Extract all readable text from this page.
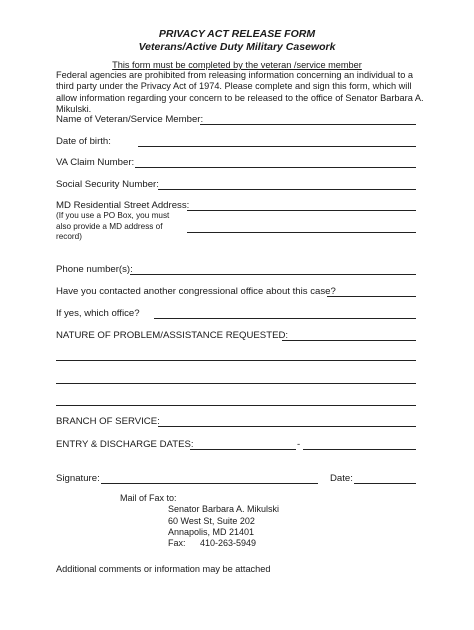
PRIVACY ACT RELEASE FORM
Veterans/Active Duty Military Casework
This form must be completed by the veteran /service member
Federal agencies are prohibited from releasing information concerning an individual to a third party under the Privacy Act of 1974. Please complete and sign this form, which will allow information regarding your concern to be released to the office of Senator Barbara A. Mikulski.
Name of Veteran/Service Member:
Date of birth:
VA Claim Number:
Social Security Number:
MD Residential Street Address:
(If you use a PO Box, you must also provide a MD address of record)
Phone number(s):
Have you contacted another congressional office about this case?
If yes, which office?
NATURE OF PROBLEM/ASSISTANCE REQUESTED:
BRANCH OF SERVICE:
ENTRY & DISCHARGE DATES:	-
Signature:	Date:
Mail of Fax to:
Senator Barbara A. Mikulski
60 West St, Suite 202
Annapolis, MD 21401
Fax: 410-263-5949
Additional comments or information may be attached
